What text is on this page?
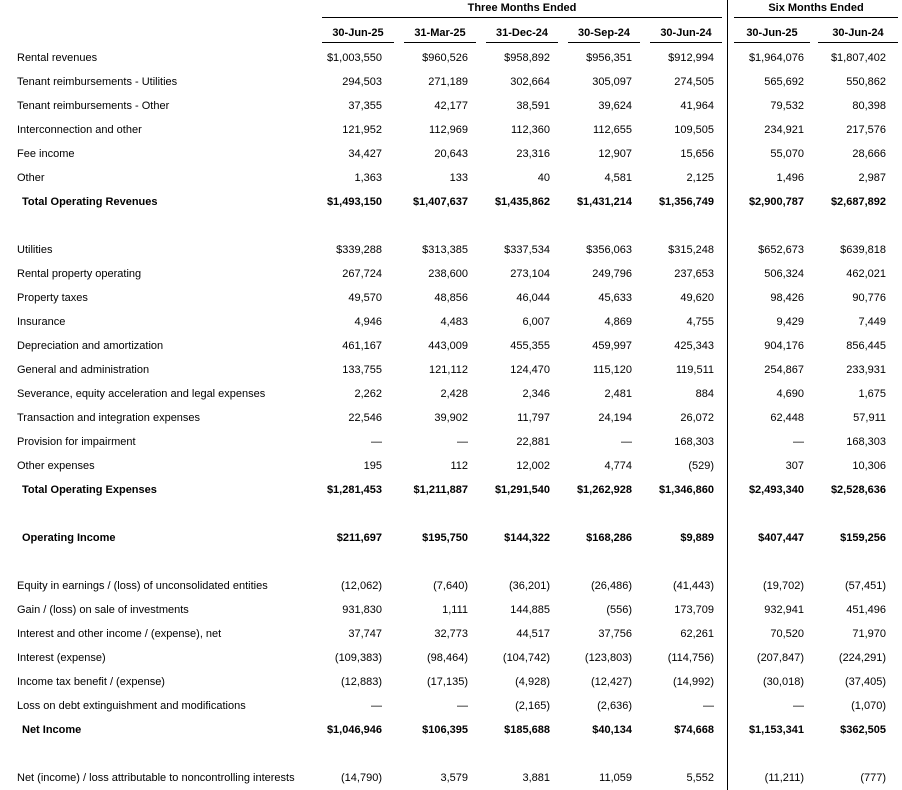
Three Months Ended	Six Months Ended
30-Jun-25	31-Mar-25	31-Dec-24	30-Sep-24	30-Jun-24	30-Jun-25	30-Jun-24
Rental revenues	$1,003,550	$960,526	$958,892	$956,351	$912,994	$1,964,076	$1,807,402
Tenant reimbursements - Utilities	294,503	271,189	302,664	305,097	274,505	565,692	550,862
Tenant reimbursements - Other	37,355	42,177	38,591	39,624	41,964	79,532	80,398
Interconnection and other	121,952	112,969	112,360	112,655	109,505	234,921	217,576
Fee income	34,427	20,643	23,316	12,907	15,656	55,070	28,666
Other	1,363	133	40	4,581	2,125	1,496	2,987
Total Operating Revenues	$1,493,150	$1,407,637	$1,435,862	$1,431,214	$1,356,749	$2,900,787	$2,687,892
Utilities	$339,288	$313,385	$337,534	$356,063	$315,248	$652,673	$639,818
Rental property operating	267,724	238,600	273,104	249,796	237,653	506,324	462,021
Property taxes	49,570	48,856	46,044	45,633	49,620	98,426	90,776
Insurance	4,946	4,483	6,007	4,869	4,755	9,429	7,449
Depreciation and amortization	461,167	443,009	455,355	459,997	425,343	904,176	856,445
General and administration	133,755	121,112	124,470	115,120	119,511	254,867	233,931
Severance, equity acceleration and legal expenses	2,262	2,428	2,346	2,481	884	4,690	1,675
Transaction and integration expenses	22,546	39,902	11,797	24,194	26,072	62,448	57,911
Provision for impairment	—	—	22,881	—	168,303	—	168,303
Other expenses	195	112	12,002	4,774	(529)	307	10,306
Total Operating Expenses	$1,281,453	$1,211,887	$1,291,540	$1,262,928	$1,346,860	$2,493,340	$2,528,636
Operating Income	$211,697	$195,750	$144,322	$168,286	$9,889	$407,447	$159,256
Equity in earnings / (loss) of unconsolidated entities	(12,062)	(7,640)	(36,201)	(26,486)	(41,443)	(19,702)	(57,451)
Gain / (loss) on sale of investments	931,830	1,111	144,885	(556)	173,709	932,941	451,496
Interest and other income / (expense), net	37,747	32,773	44,517	37,756	62,261	70,520	71,970
Interest (expense)	(109,383)	(98,464)	(104,742)	(123,803)	(114,756)	(207,847)	(224,291)
Income tax benefit / (expense)	(12,883)	(17,135)	(4,928)	(12,427)	(14,992)	(30,018)	(37,405)
Loss on debt extinguishment and modifications	—	—	(2,165)	(2,636)	—	—	(1,070)
Net Income	$1,046,946	$106,395	$185,688	$40,134	$74,668	$1,153,341	$362,505
Net (income) / loss attributable to noncontrolling interests	(14,790)	3,579	3,881	11,059	5,552	(11,211)	(777)
